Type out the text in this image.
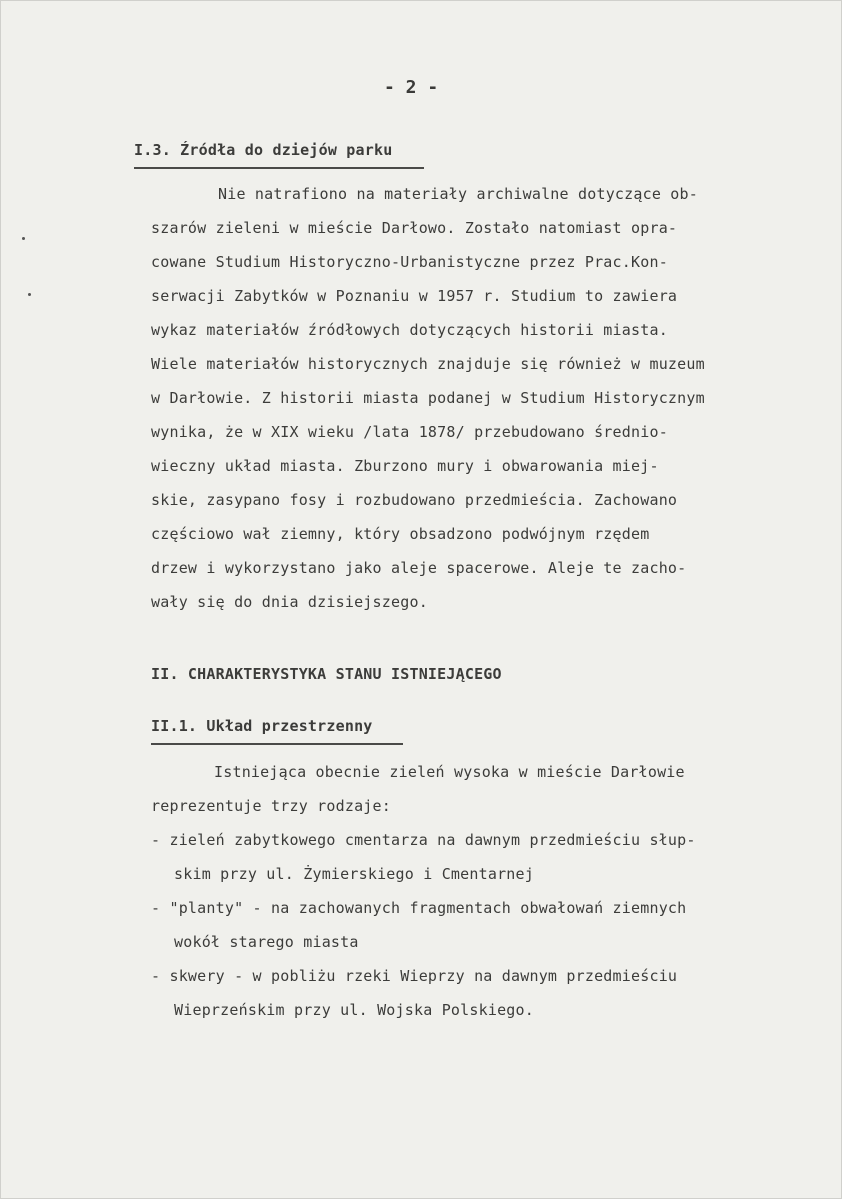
- 2 -
I.3. Źródła do dziejów parku
Nie natrafiono na materiały archiwalne dotyczące ob-
szarów zieleni w mieście Darłowo. Zostało natomiast opra-
cowane Studium Historyczno-Urbanistyczne przez Prac.Kon-
serwacji Zabytków w Poznaniu w 1957 r. Studium to zawiera
wykaz materiałów źródłowych dotyczących historii miasta.
Wiele materiałów historycznych znajduje się również w muzeum
w Darłowie. Z historii miasta podanej w Studium Historycznym
wynika, że w XIX wieku /lata 1878/ przebudowano średnio-
wieczny układ miasta. Zburzono mury i obwarowania miej-
skie, zasypano fosy i rozbudowano przedmieścia. Zachowano
częściowo wał ziemny, który obsadzono podwójnym rzędem
drzew i wykorzystano jako aleje spacerowe. Aleje te zacho-
wały się do dnia dzisiejszego.
II. CHARAKTERYSTYKA STANU ISTNIEJĄCEGO
II.1. Układ przestrzenny
Istniejąca obecnie zieleń wysoka w mieście Darłowie
reprezentuje trzy rodzaje:
- zieleń zabytkowego cmentarza na dawnym przedmieściu słup-
skim przy ul. Żymierskiego i Cmentarnej
- "planty" - na zachowanych fragmentach obwałowań ziemnych
wokół starego miasta
- skwery - w pobliżu rzeki Wieprzy na dawnym przedmieściu
Wieprzeńskim przy ul. Wojska Polskiego.
